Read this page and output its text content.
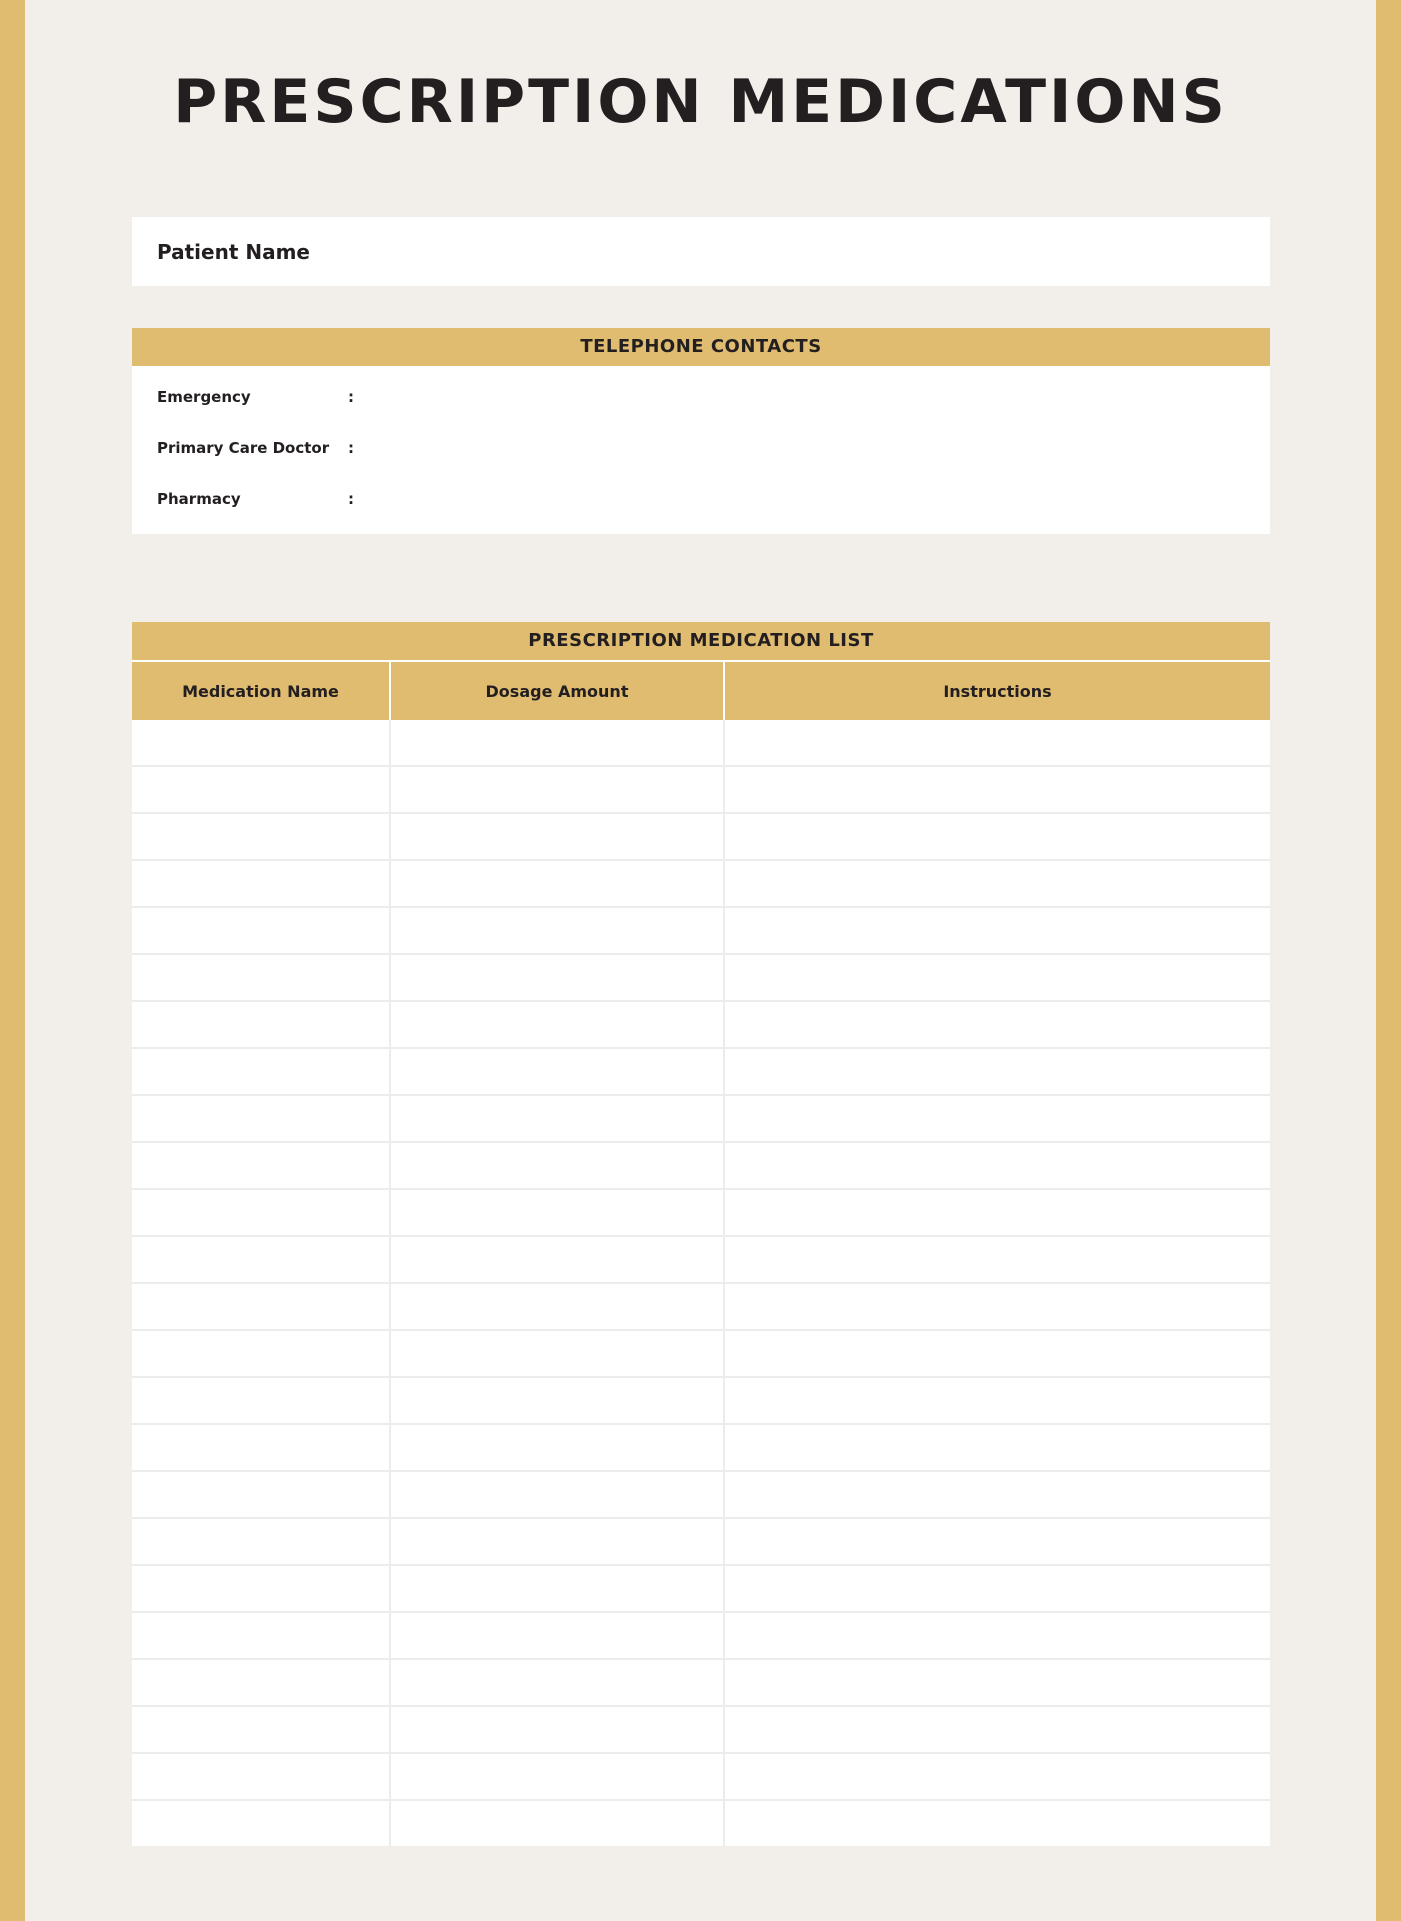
PRESCRIPTION MEDICATIONS
Patient Name
TELEPHONE CONTACTS
Emergency	:
Primary Care Doctor :
Pharmacy	:
PRESCRIPTION MEDICATION LIST
Medication Name	Dosage Amount	Instructions
